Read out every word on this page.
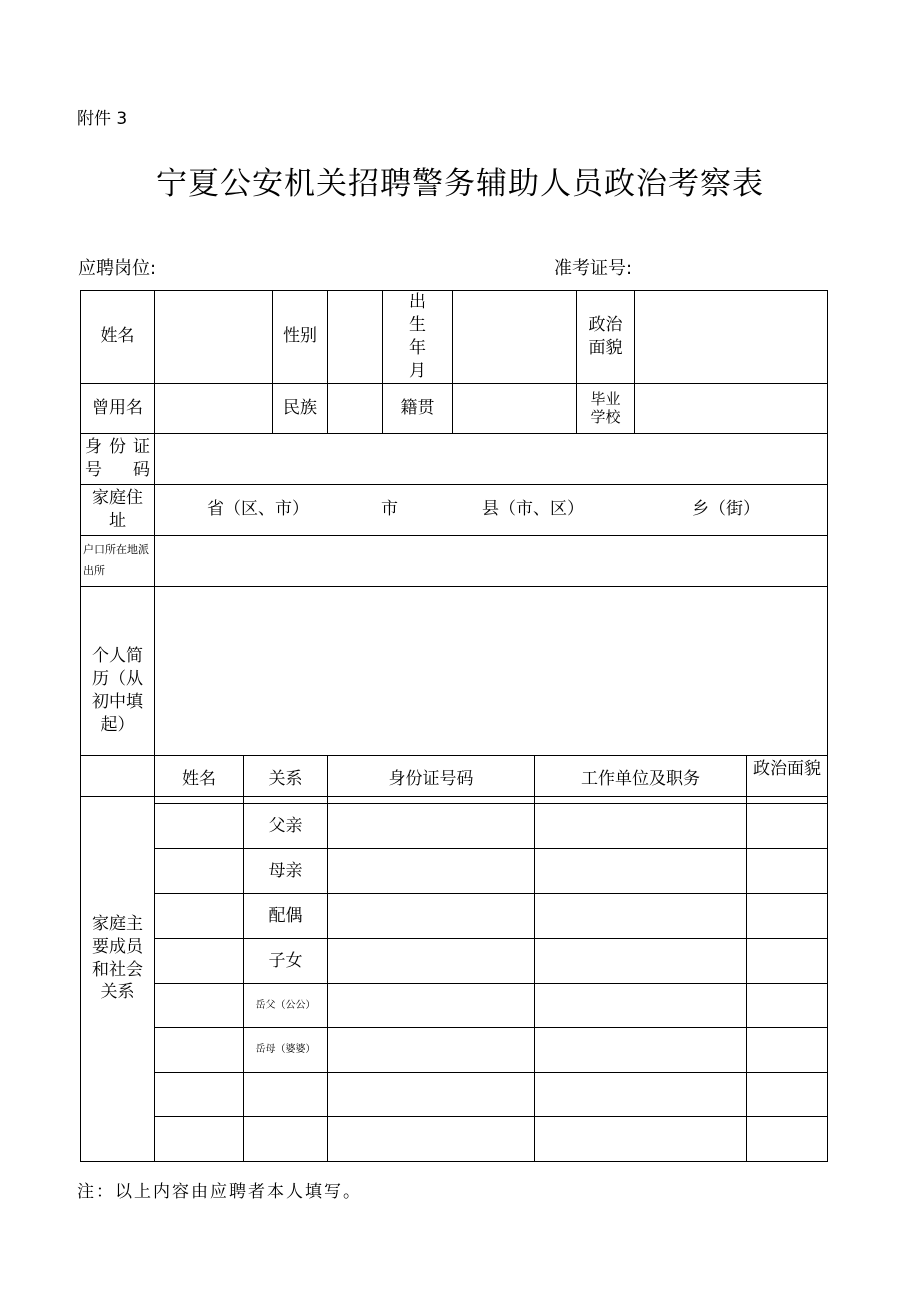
附件 3
宁夏公安机关招聘警务辅助人员政治考察表
应聘岗位:	准考证号:
姓名		性别		出生年月		政治面貌	
曾用名		民族		籍贯		毕业学校	
身份证号码							
家庭住址	省（区、市） 市 县（市、区） 乡（街）						
户口所在地派出所							
个人简历（从初中填起）							
家庭主要成员和社会关系	姓名	关系	身份证号码	工作单位及职务	政治面貌
		父亲			
		母亲			
		配偶			
		子女			
		岳父（公公）			
		岳母（婆婆）			

注：以上内容由应聘者本人填写。
